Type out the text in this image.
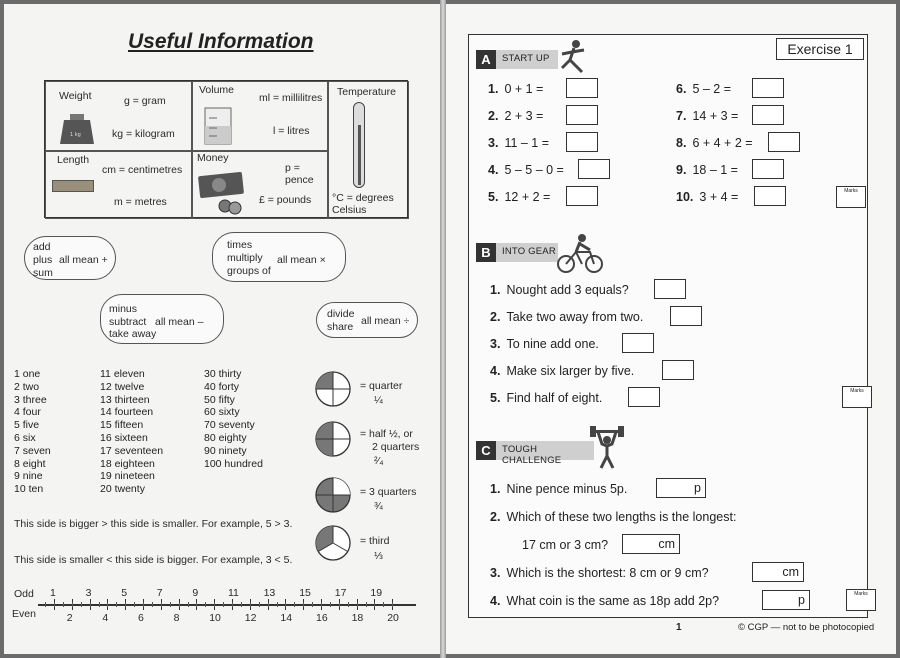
Useful Information
Weight	g = gram
kg = kilogram
1 kg
Volume
ml = millilitres
l = litres
Temperature
°C = degrees Celsius
Length
cm = centimetres
m = metres
Money
p = pence
£ = pounds
add
plus
sum
all mean +
times
multiply
groups of
all mean ×
minus
subtract
take away
all mean –
divide
share all mean ÷
1 one
2 two
3 three
4 four
5 five
6 six
7 seven
8 eight
9 nine
10 ten
11 eleven
12 twelve
13 thirteen
14 fourteen
15 fifteen
16 sixteen
17 seventeen
18 eighteen
19 nineteen
20 twenty
30 thirty
40 forty
50 fifty
60 sixty
70 seventy
80 eighty
90 ninety
100 hundred
= quarter
¼
= half ½, or
2 quarters
²⁄₄
= 3 quarters
¾
= third
⅓
This side is bigger > this side is smaller. For example, 5 > 3.
This side is smaller < this side is bigger. For example, 3 < 5.
Odd
Even
1
2
3
4
5
6
7
8
9
10
11
12
13
14
15
16
17
18
19
20
Exercise 1
A	START UP
1. 0 + 1 =
2. 2 + 3 =
3. 11 – 1 =
4. 5 – 5 – 0 =
5. 12 + 2 =
6. 5 – 2 =
7. 14 + 3 =
8. 6 + 4 + 2 =
9. 18 – 1 =
10. 3 + 4 =	Marks
B	INTO GEAR
1. Nought add 3 equals?
2. Take two away from two.
3. To nine add one.
4. Make six larger by five.
5. Find half of eight.	Marks
C	TOUGH CHALLENGE
1. Nine pence minus 5p.	p
2. Which of these two lengths is the longest:
17 cm or 3 cm?	cm
3. Which is the shortest: 8 cm or 9 cm?	cm
4. What coin is the same as 18p add 2p?	p	Marks
1	© CGP — not to be photocopied
